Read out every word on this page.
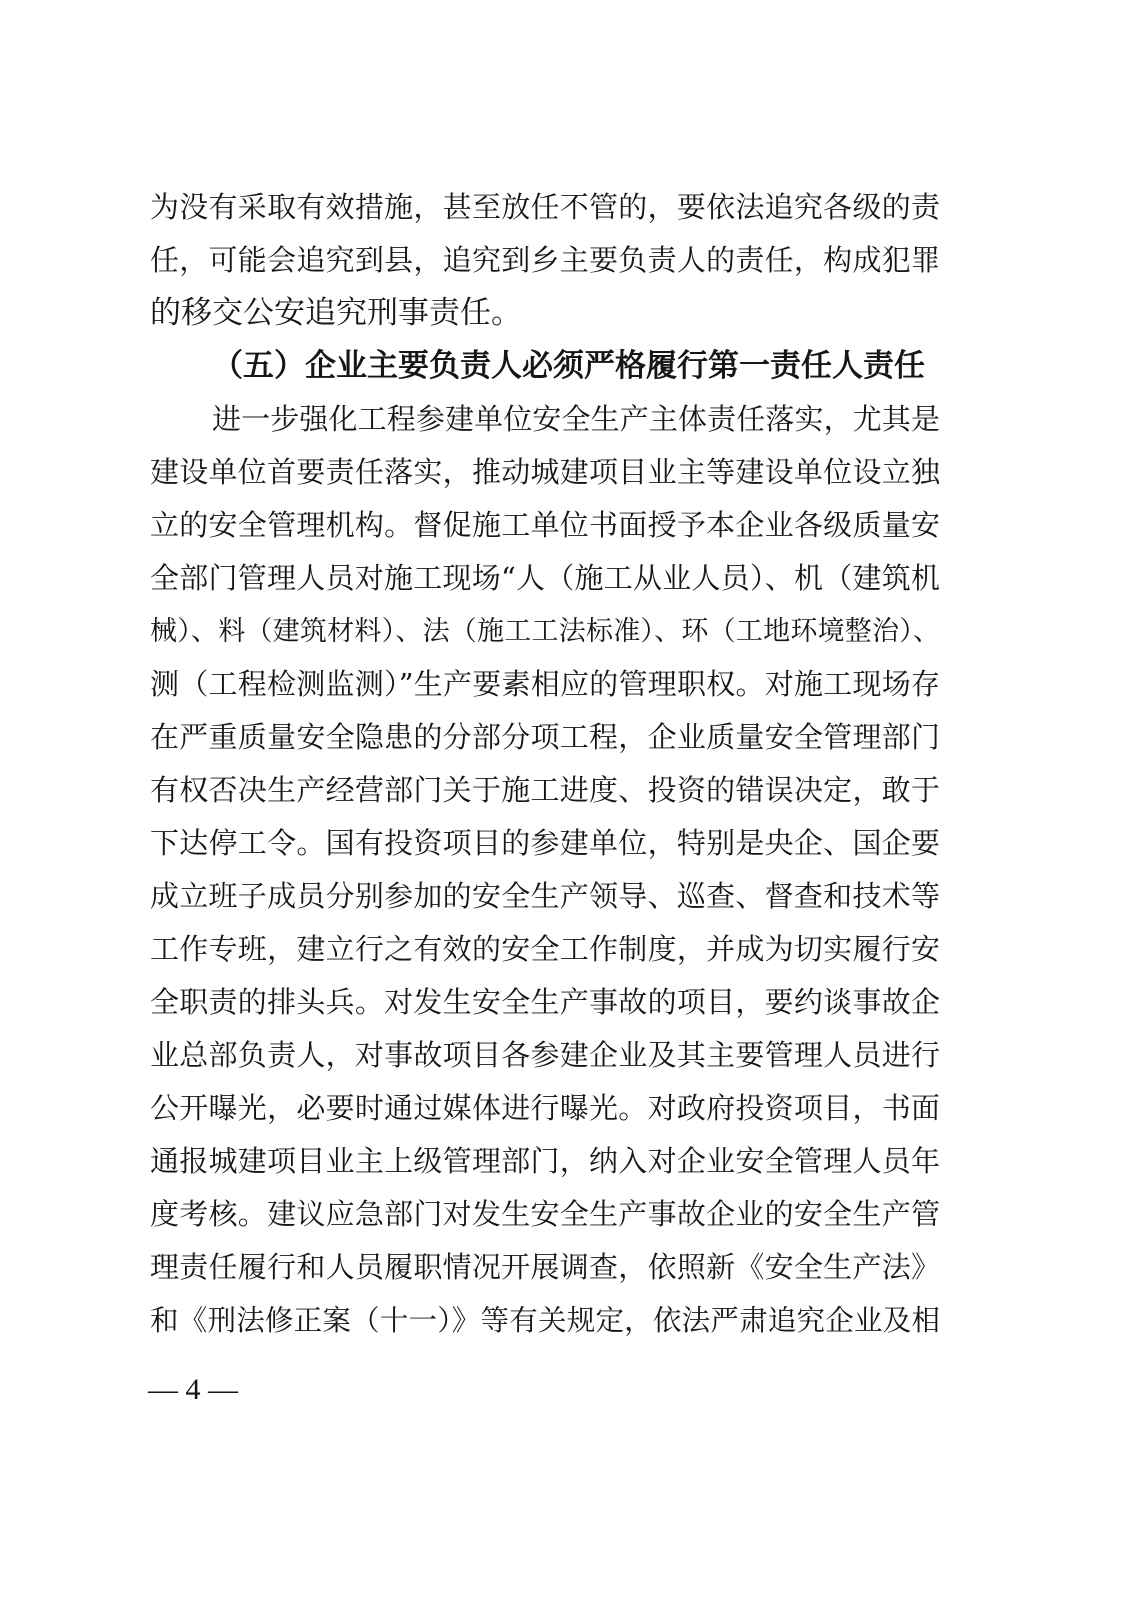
为没有采取有效措施，甚至放任不管的，要依法追究各级的责
任，可能会追究到县，追究到乡主要负责人的责任，构成犯罪
的移交公安追究刑事责任。
（五）企业主要负责人必须严格履行第一责任人责任
进一步强化工程参建单位安全生产主体责任落实，尤其是
建设单位首要责任落实，推动城建项目业主等建设单位设立独
立的安全管理机构。督促施工单位书面授予本企业各级质量安
全部门管理人员对施工现场“人（施工从业人员）、机（建筑机
械）、料（建筑材料）、法（施工工法标准）、环（工地环境整治）、
测（工程检测监测）”生产要素相应的管理职权。对施工现场存
在严重质量安全隐患的分部分项工程，企业质量安全管理部门
有权否决生产经营部门关于施工进度、投资的错误决定，敢于
下达停工令。国有投资项目的参建单位，特别是央企、国企要
成立班子成员分别参加的安全生产领导、巡查、督查和技术等
工作专班，建立行之有效的安全工作制度，并成为切实履行安
全职责的排头兵。对发生安全生产事故的项目，要约谈事故企
业总部负责人，对事故项目各参建企业及其主要管理人员进行
公开曝光，必要时通过媒体进行曝光。对政府投资项目，书面
通报城建项目业主上级管理部门，纳入对企业安全管理人员年
度考核。建议应急部门对发生安全生产事故企业的安全生产管
理责任履行和人员履职情况开展调查，依照新《安全生产法》
和《刑法修正案（十一）》等有关规定，依法严肃追究企业及相
— 4 —
